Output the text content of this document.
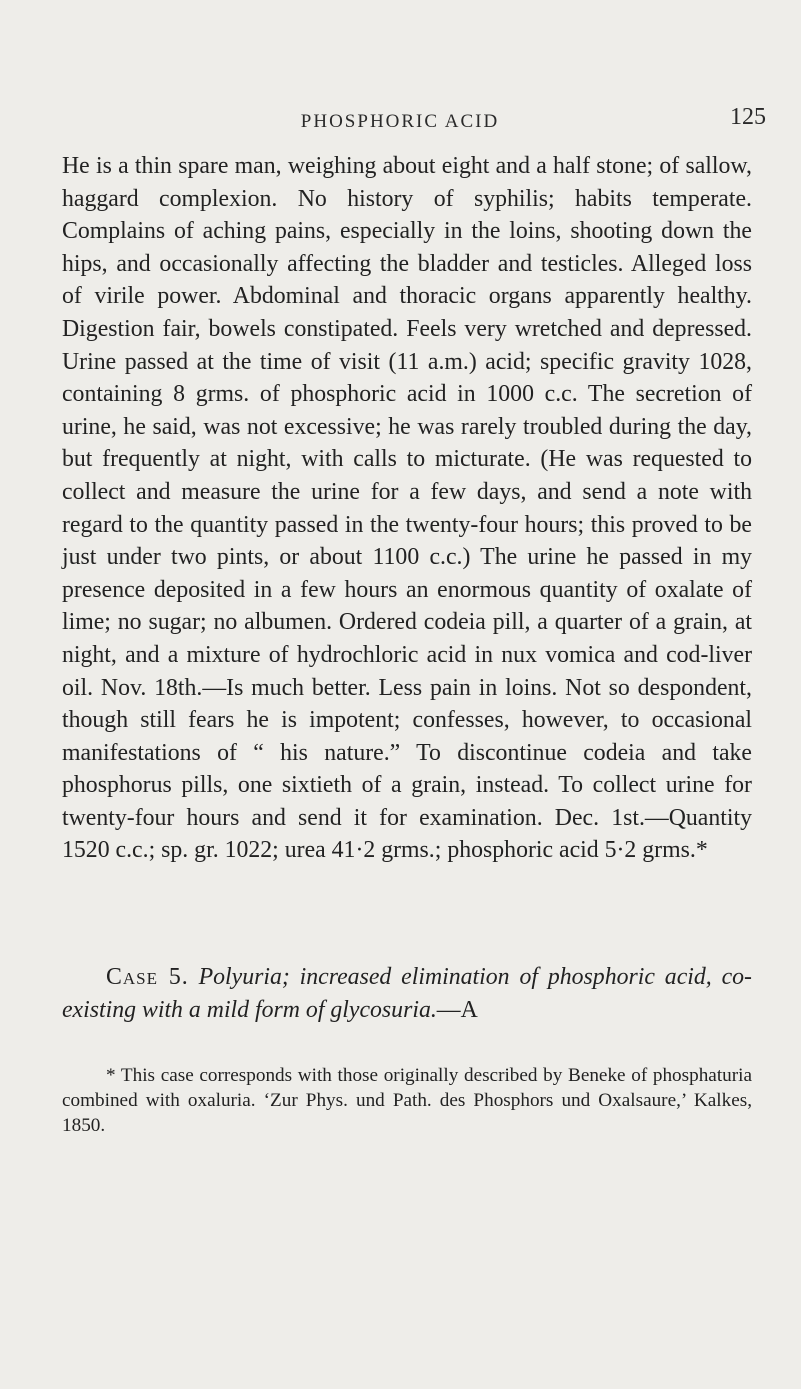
PHOSPHORIC ACID	125

He is a thin spare man, weighing about eight and a half stone; of sallow, haggard complexion. No history of syphilis; habits temperate. Complains of aching pains, especially in the loins, shooting down the hips, and occasionally affecting the bladder and testicles. Alleged loss of virile power. Abdominal and thoracic organs apparently healthy. Digestion fair, bowels constipated. Feels very wretched and depressed. Urine passed at the time of visit (11 a.m.) acid; specific gravity 1028, containing 8 grms. of phosphoric acid in 1000 c.c. The secretion of urine, he said, was not excessive; he was rarely troubled during the day, but frequently at night, with calls to micturate. (He was requested to collect and measure the urine for a few days, and send a note with regard to the quantity passed in the twenty-four hours; this proved to be just under two pints, or about 1100 c.c.) The urine he passed in my presence deposited in a few hours an enormous quantity of oxalate of lime; no sugar; no albumen. Ordered codeia pill, a quarter of a grain, at night, and a mixture of hydrochloric acid in nux vomica and cod-liver oil. Nov. 18th.—Is much better. Less pain in loins. Not so despondent, though still fears he is impotent; confesses, however, to occasional manifestations of “ his nature.” To discontinue codeia and take phosphorus pills, one sixtieth of a grain, instead. To collect urine for twenty-four hours and send it for examination. Dec. 1st.—Quantity 1520 c.c.; sp. gr. 1022; urea 41·2 grms.; phosphoric acid 5·2 grms.*

Case 5. Polyuria; increased elimination of phosphoric acid, co-existing with a mild form of glycosuria.—A

* This case corresponds with those originally described by Beneke of phosphaturia combined with oxaluria. ‘Zur Phys. und Path. des Phosphors und Oxalsaure,’ Kalkes, 1850.
